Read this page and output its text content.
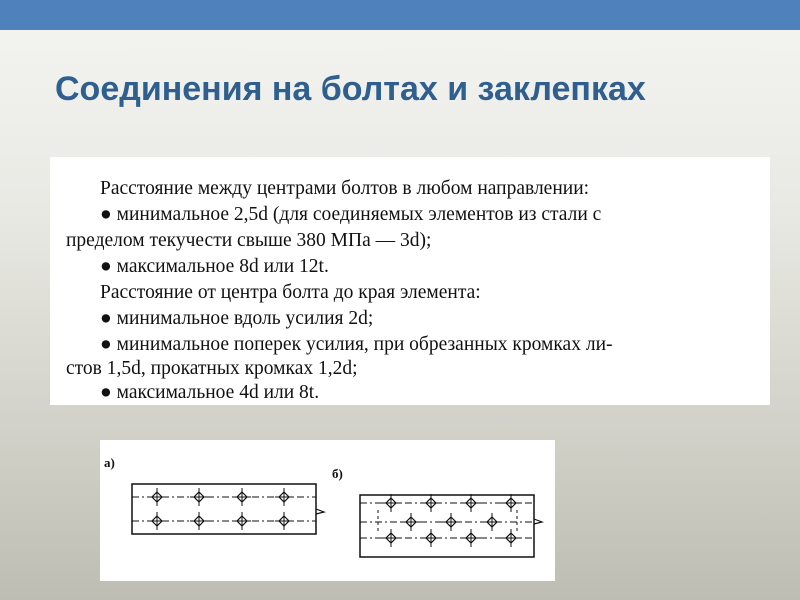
Соединения на болтах и заклепках
Расстояние между центрами болтов в любом направлении:
● минимальное 2,5d (для соединяемых элементов из стали с
пределом текучести свыше 380 МПа — 3d);
● максимальное 8d или 12t.
Расстояние от центра болта до края элемента:
● минимальное вдоль усилия 2d;
● минимальное поперек усилия, при обрезанных кромках ли-
стов 1,5d, прокатных кромках 1,2d;
● максимальное 4d или 8t.
а)
б)
